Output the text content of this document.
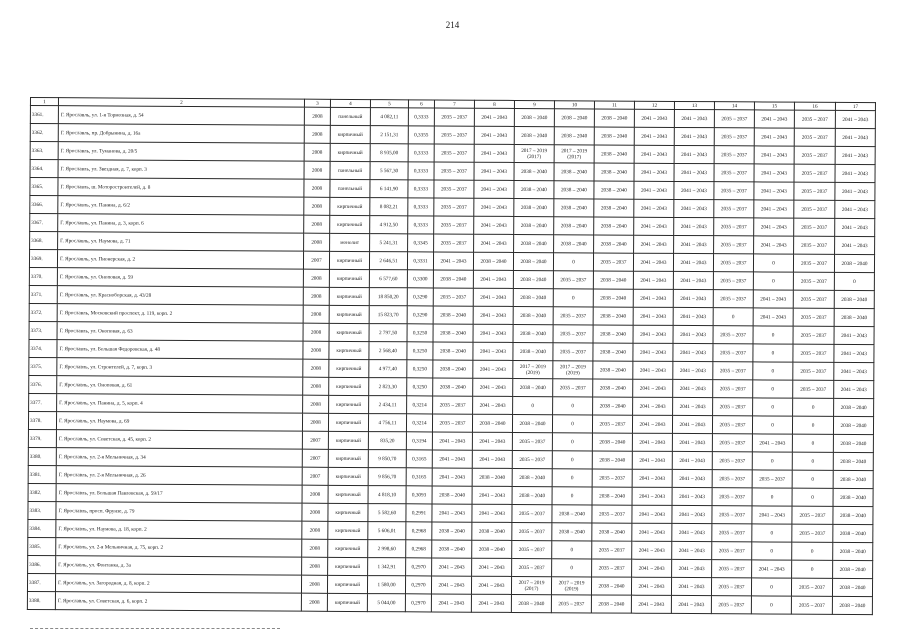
214
1	2	3	4	5	6	7	8	9	10	11	12	13	14	15	16	17
3361.	Г. Ярославль, ул. 1-я Тормозная, д. 54	2008	панельный	4 082,11	0,3333	2035 – 2037	2041 – 2043	2038 – 2040	2038 – 2040	2038 – 2040	2041 – 2043	2041 – 2043	2035 – 2037	2041 – 2043	2035 – 2037	2041 – 2043
3362.	Г. Ярославль, пр. Добрынина, д. 16а	2008	кирпичный	2 151,31	0,3355	2035 – 2037	2041 – 2043	2038 – 2040	2038 – 2040	2038 – 2040	2041 – 2043	2041 – 2043	2035 – 2037	2041 – 2043	2035 – 2037	2041 – 2043
3363.	Г. Ярославль, ул. Туманова, д. 20/5	2008	кирпичный	8 935,00	0,3333	2035 – 2037	2041 – 2043	2017 – 2019 (2017)	2017 – 2019 (2017)	2038 – 2040	2041 – 2043	2041 – 2043	2035 – 2037	2041 – 2043	2035 – 2037	2041 – 2043
3364.	Г. Ярославль, ул. Звездная, д. 7, корп. 3	2008	панельный	5 567,30	0,3333	2035 – 2037	2041 – 2043	2038 – 2040	2038 – 2040	2038 – 2040	2041 – 2043	2041 – 2043	2035 – 2037	2041 – 2043	2035 – 2037	2041 – 2043
3365.	Г. Ярославль, ш. Моторостроителей, д. 8	2008	панельный	6 141,90	0,3333	2035 – 2037	2041 – 2043	2038 – 2040	2038 – 2040	2038 – 2040	2041 – 2043	2041 – 2043	2035 – 2037	2041 – 2043	2035 – 2037	2041 – 2043
3366.	Г. Ярославль, ул. Панина, д. 6/2	2008	кирпичный	8 082,21	0,3333	2035 – 2037	2041 – 2043	2038 – 2040	2038 – 2040	2038 – 2040	2041 – 2043	2041 – 2043	2035 – 2037	2041 – 2043	2035 – 2037	2041 – 2043
3367.	Г. Ярославль, ул. Панина, д. 3, корп. 6	2008	кирпичный	4 912,50	0,3333	2035 – 2037	2041 – 2043	2038 – 2040	2038 – 2040	2038 – 2040	2041 – 2043	2041 – 2043	2035 – 2037	2041 – 2043	2035 – 2037	2041 – 2043
3368.	Г. Ярославль, ул. Наумова, д. 71	2008	монолит	5 241,31	0,3345	2035 – 2037	2041 – 2043	2038 – 2040	2038 – 2040	2038 – 2040	2041 – 2043	2041 – 2043	2035 – 2037	2041 – 2043	2035 – 2037	2041 – 2043
3369.	Г. Ярославль, ул. Пионерская, д. 2	2007	кирпичный	2 646,51	0,3331	2041 – 2043	2038 – 2040	2038 – 2040	0	2035 – 2037	2041 – 2043	2041 – 2043	2035 – 2037	0	2035 – 2037	2038 – 2040
3370.	Г. Ярославль, ул. Оноповая, д. 59	2008	кирпичный	6 577,60	0,3300	2038 – 2040	2041 – 2043	2038 – 2040	2035 – 2037	2038 – 2040	2041 – 2043	2041 – 2043	2035 – 2037	0	2035 – 2037	0
3371.	Г. Ярославль, ул. Красноборская, д. 43/28	2008	кирпичный	18 850,20	0,3290	2035 – 2037	2041 – 2043	2038 – 2040	0	2038 – 2040	2041 – 2043	2041 – 2043	2035 – 2037	2041 – 2043	2035 – 2037	2038 – 2040
3372.	Г. Ярославль, Московский проспект, д. 119, корп. 2	2008	кирпичный	15 823,70	0,3290	2038 – 2040	2041 – 2043	2038 – 2040	2035 – 2037	2038 – 2040	2041 – 2043	2041 – 2043	0	2041 – 2043	2035 – 2037	2038 – 2040
3373.	Г. Ярославль, ул. Оноповая, д. 63	2008	кирпичный	2 797,50	0,3250	2038 – 2040	2041 – 2043	2038 – 2040	2035 – 2037	2038 – 2040	2041 – 2043	2041 – 2043	2035 – 2037	0	2035 – 2037	2041 – 2043
3374.	Г. Ярославль, ул. Большая Федоровская, д. 48	2008	кирпичный	2 568,40	0,3250	2038 – 2040	2041 – 2043	2038 – 2040	2035 – 2037	2038 – 2040	2041 – 2043	2041 – 2043	2035 – 2037	0	2035 – 2037	2041 – 2043
3375.	Г. Ярославль, ул. Строителей, д. 7, корп. 3	2008	кирпичный	4 977,40	0,3250	2038 – 2040	2041 – 2043	2017 – 2019 (2019)	2017 – 2019 (2019)	2038 – 2040	2041 – 2043	2041 – 2043	2035 – 2037	0	2035 – 2037	2041 – 2043
3376.	Г. Ярославль, ул. Оноповая, д. 61	2008	кирпичный	2 823,30	0,3250	2038 – 2040	2041 – 2043	2038 – 2040	2035 – 2037	2038 – 2040	2041 – 2043	2041 – 2043	2035 – 2037	0	2035 – 2037	2041 – 2043
3377.	Г. Ярославль, ул. Панина, д. 5, корп. 4	2008	кирпичный	2 434,11	0,3214	2035 – 2037	2041 – 2043	0	0	2038 – 2040	2041 – 2043	2041 – 2043	2035 – 2037	0	0	2038 – 2040
3378.	Г. Ярославль, ул. Наумова, д. 69	2008	кирпичный	4 756,11	0,3214	2035 – 2037	2038 – 2040	2038 – 2040	0	2035 – 2037	2041 – 2043	2041 – 2043	2035 – 2037	0	0	2038 – 2040
3379.	Г. Ярославль, ул. Советская, д. 45, корп. 2	2007	кирпичный	835,20	0,3194	2041 – 2043	2041 – 2043	2035 – 2037	0	2038 – 2040	2041 – 2043	2041 – 2043	2035 – 2037	2041 – 2043	0	2038 – 2040
3380.	Г. Ярославль, ул. 2-я Мельничная, д. 34	2007	кирпичный	9 850,70	0,3165	2041 – 2043	2041 – 2043	2035 – 2037	0	2038 – 2040	2041 – 2043	2041 – 2043	2035 – 2037	0	0	2038 – 2040
3381.	Г. Ярославль, ул. 2-я Мельничная, д. 26	2007	кирпичный	9 856,70	0,3165	2041 – 2043	2038 – 2040	2038 – 2040	0	2035 – 2037	2041 – 2043	2041 – 2043	2035 – 2037	2035 – 2037	0	2038 – 2040
3382.	Г. Ярославль, ул. Большая Павловская, д. 59/17	2008	кирпичный	4 818,10	0,3093	2038 – 2040	2041 – 2043	2038 – 2040	0	2038 – 2040	2041 – 2043	2041 – 2043	2035 – 2037	0	0	2038 – 2040
3383.	Г. Ярославль, просп. Фрунзе, д. 79	2008	кирпичный	5 582,60	0,2991	2041 – 2043	2041 – 2043	2035 – 2037	2038 – 2040	2035 – 2037	2041 – 2043	2041 – 2043	2035 – 2037	2041 – 2043	2035 – 2037	2038 – 2040
3384.	Г. Ярославль, ул. Наумова, д. 18, корп. 2	2008	кирпичный	5 606,01	0,2968	2038 – 2040	2038 – 2040	2035 – 2037	2038 – 2040	2038 – 2040	2041 – 2043	2041 – 2043	2035 – 2037	0	2035 – 2037	2038 – 2040
3385.	Г. Ярославль, ул. 2-я Мельничная, д. 75, корп. 2	2008	кирпичный	2 998,60	0,2968	2038 – 2040	2038 – 2040	2035 – 2037	0	2035 – 2037	2041 – 2043	2041 – 2043	2035 – 2037	0	0	2038 – 2040
3386.	Г. Ярославль, ул. Фонтанка, д. 3а	2008	кирпичный	1 342,91	0,2970	2041 – 2043	2041 – 2043	2035 – 2037	0	2035 – 2037	2041 – 2043	2041 – 2043	2035 – 2037	2041 – 2043	0	2038 – 2040
3387.	Г. Ярославль, ул. Загородная, д. 8, корп. 2	2008	кирпичный	1 580,00	0,2970	2041 – 2043	2041 – 2043	2017 – 2019 (2017)	2017 – 2019 (2019)	2038 – 2040	2041 – 2043	2041 – 2043	2035 – 2037	0	2035 – 2037	2038 – 2040
3388.	Г. Ярославль, ул. Советская, д. 6, корп. 2	2008	кирпичный	5 044,00	0,2970	2041 – 2043	2041 – 2043	2038 – 2040	2035 – 2037	2038 – 2040	2041 – 2043	2041 – 2043	2035 – 2037	0	2035 – 2037	2038 – 2040
